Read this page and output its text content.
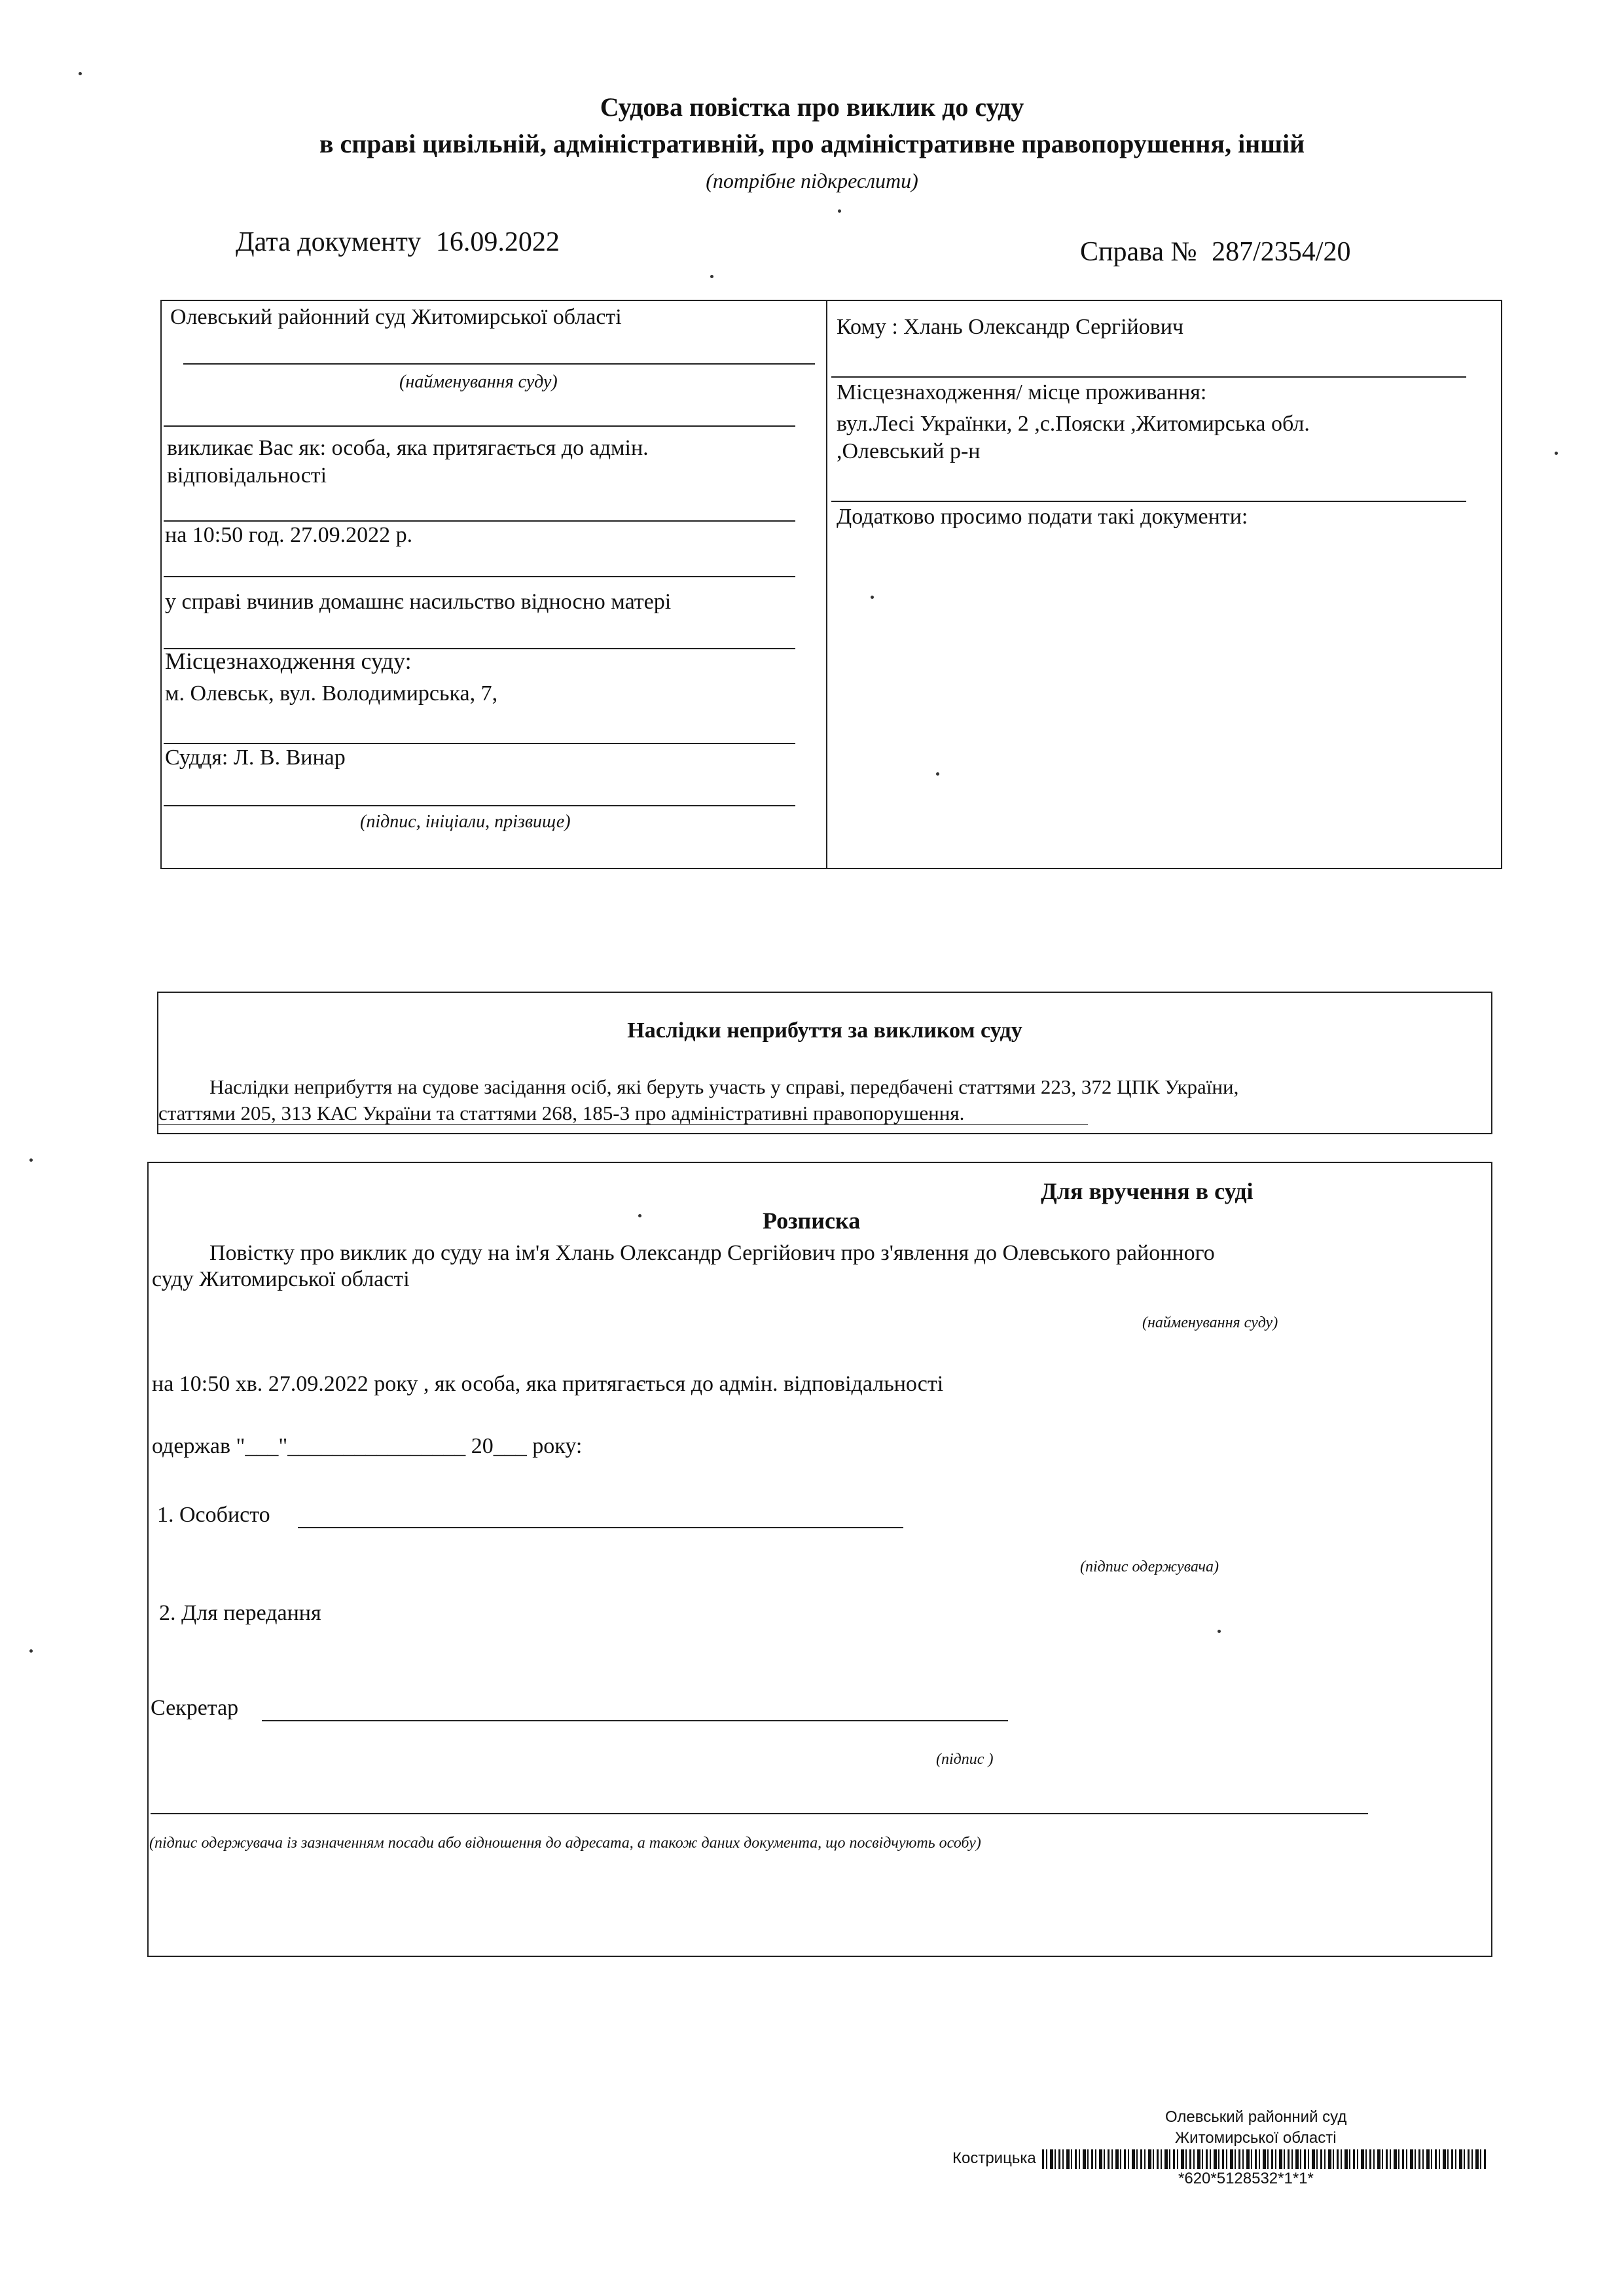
Судова повістка про виклик до суду
в справі цивільній, адміністративній, про адміністративне правопорушення, іншій
(потрібне підкреслити)
Дата документу 16.09.2022	Справа № 287/2354/20
Олевський районний суд Житомирської області
(найменування суду)
викликає Вас як: особа, яка притягається до адмін.
відповідальності
на 10:50 год. 27.09.2022 р.
у справі вчинив домашнє насильство відносно матері
Місцезнаходження суду:
м. Олевськ, вул. Володимирська, 7,
Суддя: Л. В. Винар
(підпис, ініціали, прізвище)
Кому : Хлань Олександр Сергійович
Місцезнаходження/ місце проживання:
вул.Лесі Українки, 2 ,с.Пояски ,Житомирська обл.
,Олевський р-н
Додатково просимо подати такі документи:
Наслідки неприбуття за викликом суду
Наслідки неприбуття на судове засідання осіб, які беруть участь у справі, передбачені статтями 223, 372 ЦПК України,
статтями 205, 313 КАС України та статтями 268, 185-3 про адміністративні правопорушення.
Для вручення в суді
Розписка
Повістку про виклик до суду на ім'я Хлань Олександр Сергійович про з'явлення до Олевського районного
суду Житомирської області
(найменування суду)
на 10:50 хв. 27.09.2022 року , як особа, яка притягається до адмін. відповідальності
одержав "___"________________ 20___ року:
1. Особисто
(підпис одержувача)
2. Для передання
Секретар
(підпис )
(підпис одержувача із зазначенням посади або відношення до адресата, а також даних документа, що посвідчують особу)
Олевський районний суд
Житомирської області
Кострицька
*620*5128532*1*1*
